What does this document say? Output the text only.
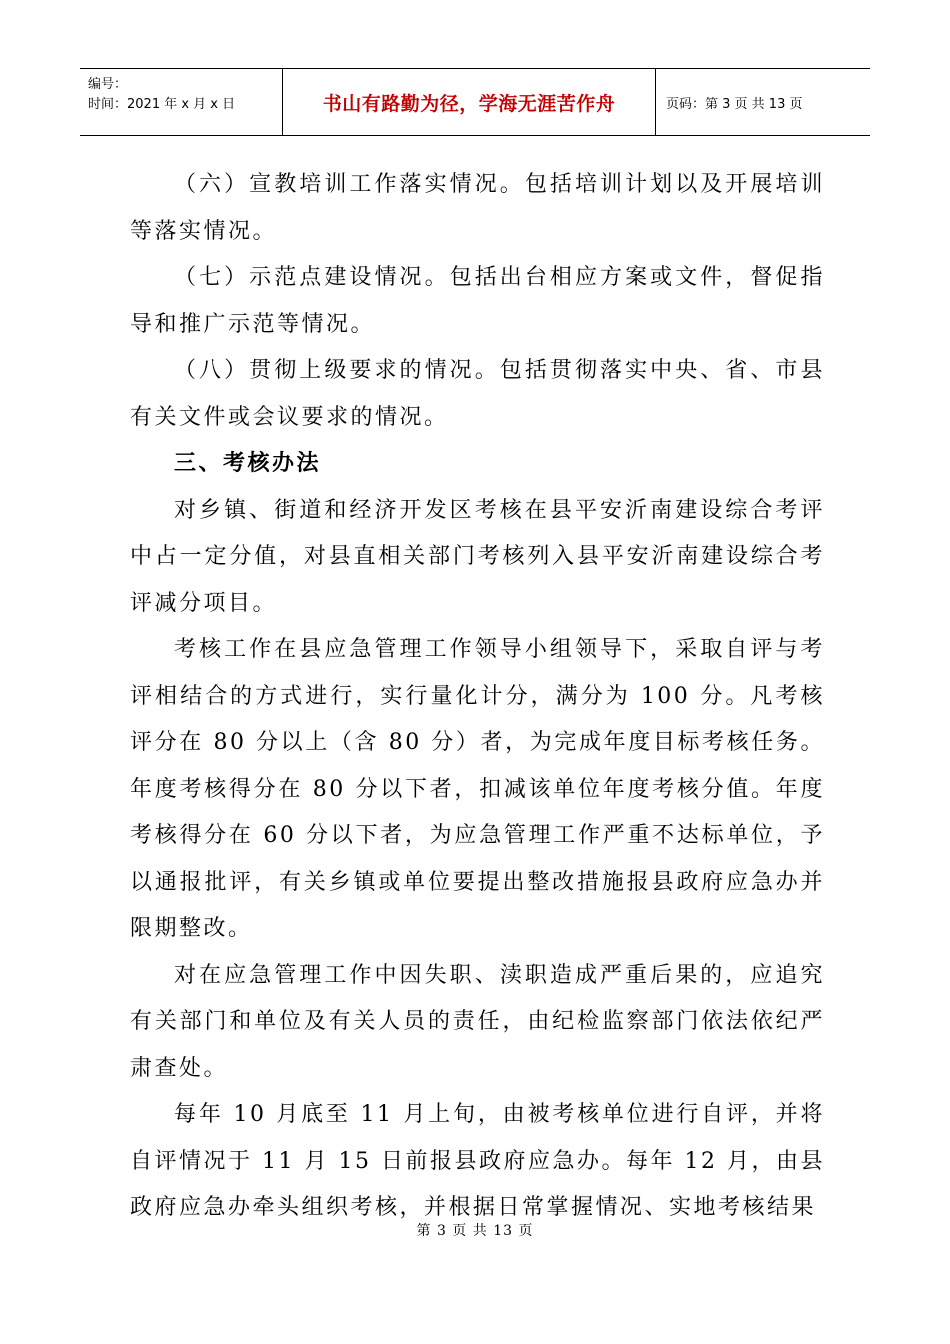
编号：
时间：2021 年 x 月 x 日	书山有路勤为径，学海无涯苦作舟	页码：第 3 页 共 13 页

（六）宣教培训工作落实情况。包括培训计划以及开展培训等落实情况。

（七）示范点建设情况。包括出台相应方案或文件，督促指导和推广示范等情况。

（八）贯彻上级要求的情况。包括贯彻落实中央、省、市县有关文件或会议要求的情况。

三、考核办法

对乡镇、街道和经济开发区考核在县平安沂南建设综合考评中占一定分值，对县直相关部门考核列入县平安沂南建设综合考评减分项目。

考核工作在县应急管理工作领导小组领导下，采取自评与考评相结合的方式进行，实行量化计分，满分为 100 分。凡考核评分在 80 分以上（含 80 分）者，为完成年度目标考核任务。年度考核得分在 80 分以下者，扣减该单位年度考核分值。年度考核得分在 60 分以下者，为应急管理工作严重不达标单位，予以通报批评，有关乡镇或单位要提出整改措施报县政府应急办并限期整改。

对在应急管理工作中因失职、渎职造成严重后果的，应追究有关部门和单位及有关人员的责任，由纪检监察部门依法依纪严肃查处。

每年 10 月底至 11 月上旬，由被考核单位进行自评，并将自评情况于 11 月 15 日前报县政府应急办。每年 12 月，由县政府应急办牵头组织考核，并根据日常掌握情况、实地考核结果

第 3 页 共 13 页
